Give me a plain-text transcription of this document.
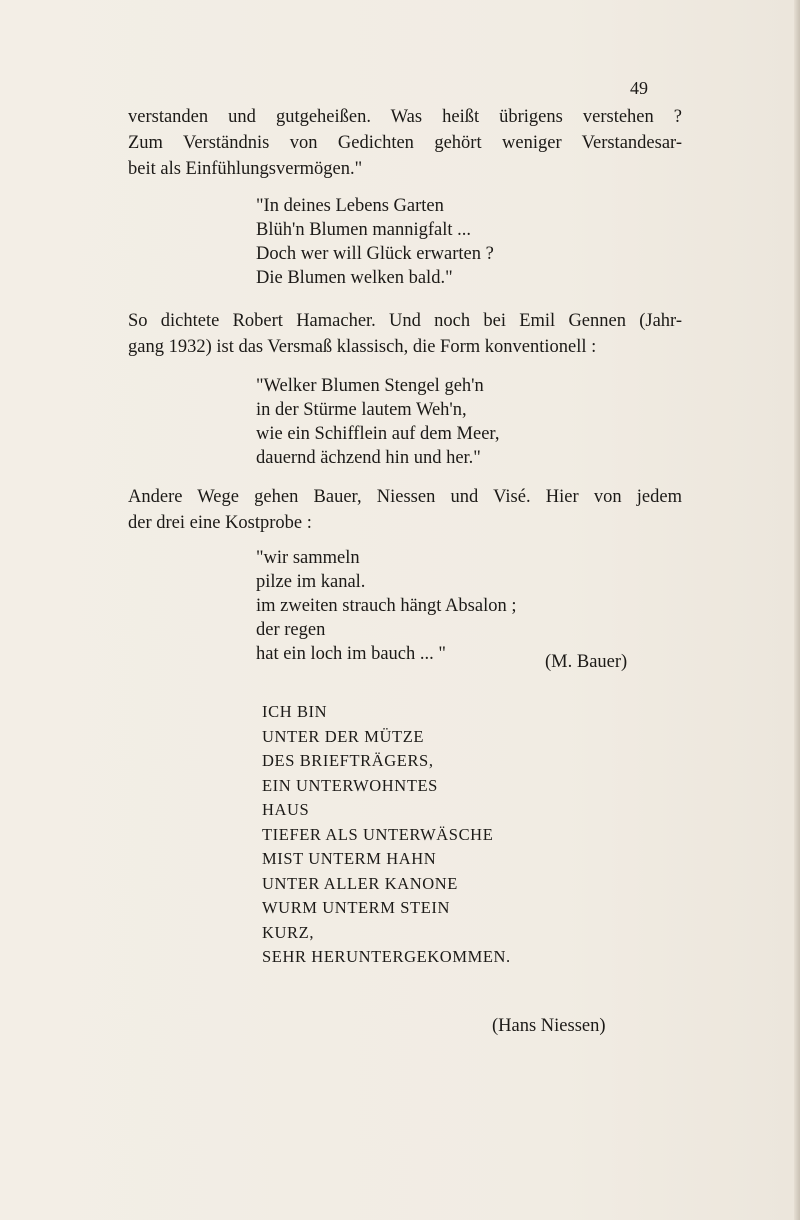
49
verstanden und gutgeheißen. Was heißt übrigens verstehen ?
Zum Verständnis von Gedichten gehört weniger Verstandesar-
beit als Einfühlungsvermögen."
"In deines Lebens Garten
Blüh'n Blumen mannigfalt ...
Doch wer will Glück erwarten ?
Die Blumen welken bald."
So dichtete Robert Hamacher. Und noch bei Emil Gennen (Jahr-
gang 1932) ist das Versmaß klassisch, die Form konventionell :
"Welker Blumen Stengel geh'n
in der Stürme lautem Weh'n,
wie ein Schifflein auf dem Meer,
dauernd ächzend hin und her."
Andere Wege gehen Bauer, Niessen und Visé. Hier von jedem
der drei eine Kostprobe :
"wir sammeln
pilze im kanal.
im zweiten strauch hängt Absalon ;
der regen
hat ein loch im bauch ... "	(M. Bauer)
ICH BIN
UNTER DER MÜTZE
DES BRIEFTRÄGERS,
EIN UNTERWOHNTES
HAUS
TIEFER ALS UNTERWÄSCHE
MIST UNTERM HAHN
UNTER ALLER KANONE
WURM UNTERM STEIN
KURZ,
SEHR HERUNTERGEKOMMEN.
(Hans Niessen)
